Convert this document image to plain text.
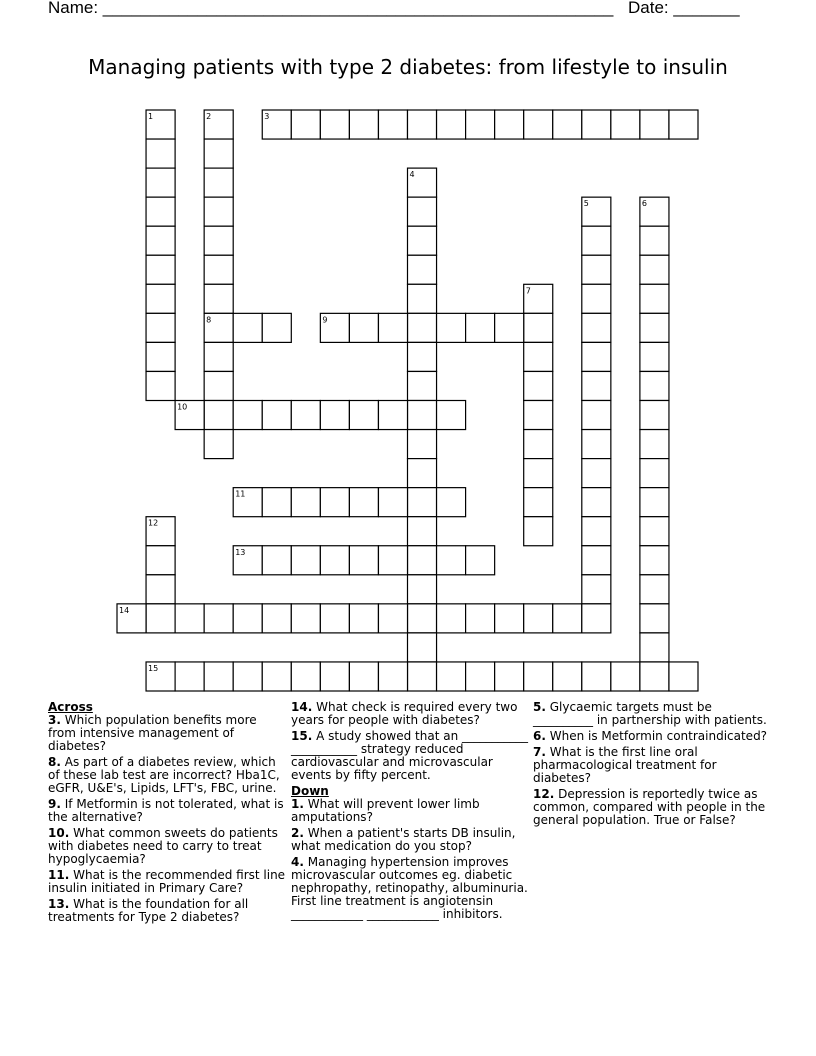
Name: ______________________________________________________ Date: _______
Managing patients with type 2 diabetes: from lifestyle to insulin
1	2
8
3
4
5	6
7
9
10
11
12
13
14
15
Across
3. Which population benefits more from intensive management of diabetes?
8. As part of a diabetes review, which of these lab test are incorrect? Hba1C, eGFR, U&E's, Lipids, LFT's, FBC, urine.
9. If Metformin is not tolerated, what is the alternative?
10. What common sweets do patients with diabetes need to carry to treat hypoglycaemia?
11. What is the recommended first line insulin initiated in Primary Care?
13. What is the foundation for all treatments for Type 2 diabetes?
14. What check is required every two years for people with diabetes?
15. A study showed that an ___________ ___________ strategy reduced cardiovascular and microvascular events by fifty percent.
Down
1. What will prevent lower limb amputations?
2. When a patient's starts DB insulin, what medication do you stop?
4. Managing hypertension improves microvascular outcomes eg. diabetic nephropathy, retinopathy, albuminuria. First line treatment is angiotensin ____________ ____________ inhibitors.
5. Glycaemic targets must be __________ in partnership with patients.
6. When is Metformin contraindicated?
7. What is the first line oral pharmacological treatment for diabetes?
12. Depression is reportedly twice as common, compared with people in the general population. True or False?
